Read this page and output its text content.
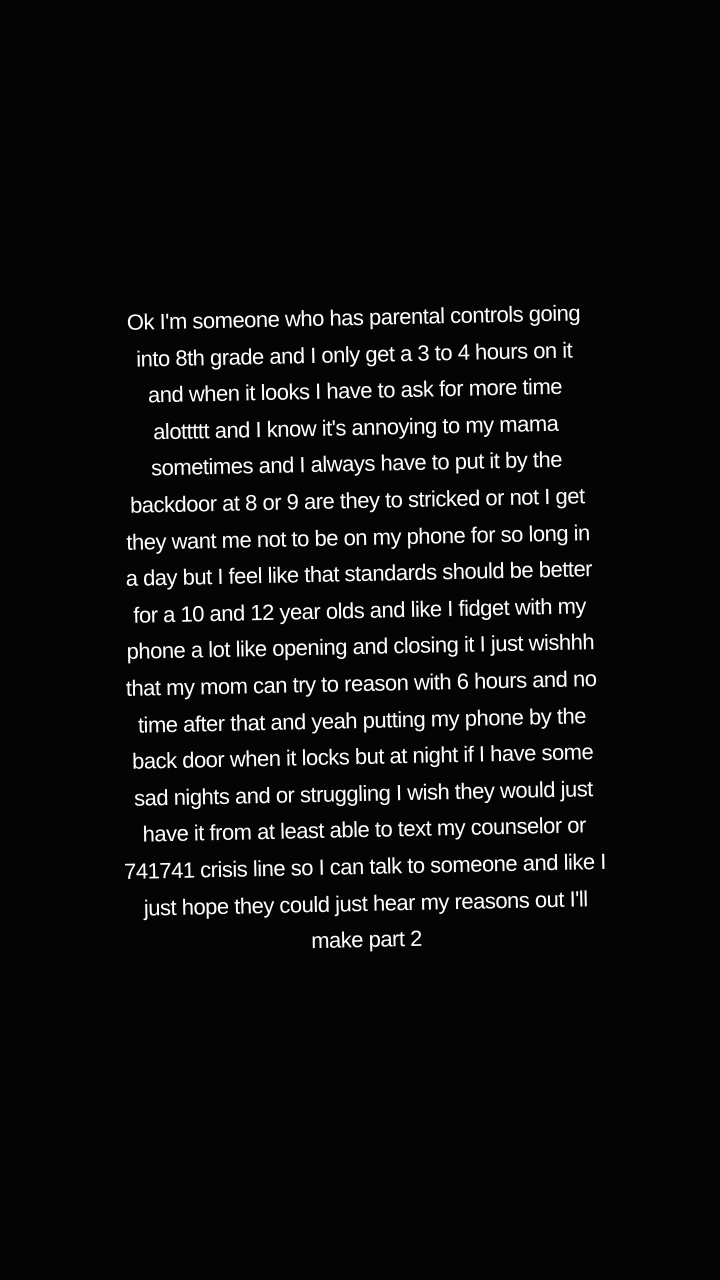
Ok I'm someone who has parental controls going
into 8th grade and I only get a 3 to 4 hours on it
and when it looks I have to ask for more time
alottttt and I know it's annoying to my mama
sometimes and I always have to put it by the
backdoor at 8 or 9 are they to stricked or not I get
they want me not to be on my phone for so long in
a day but I feel like that standards should be better
for a 10 and 12 year olds and like I fidget with my
phone a lot like opening and closing it I just wishhh
that my mom can try to reason with 6 hours and no
time after that and yeah putting my phone by the
back door when it locks but at night if I have some
sad nights and or struggling I wish they would just
have it from at least able to text my counselor or
741741 crisis line so I can talk to someone and like I
just hope they could just hear my reasons out I'll
make part 2
